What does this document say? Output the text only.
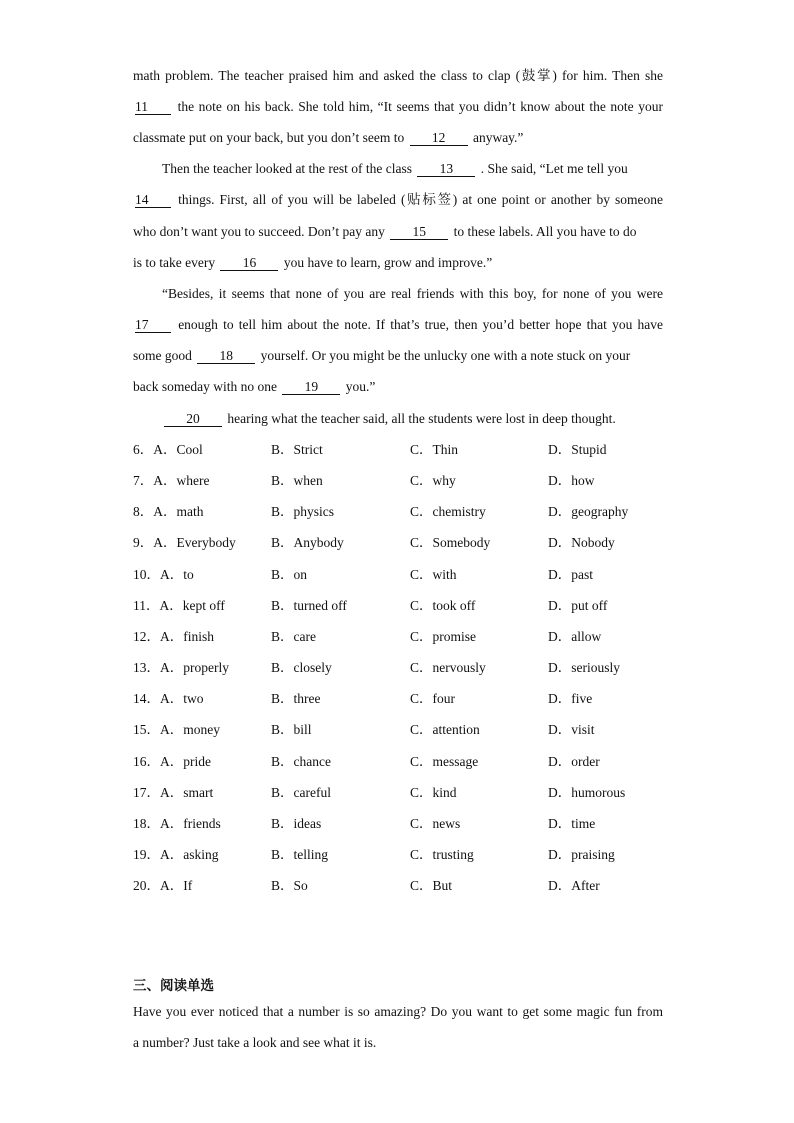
math problem. The teacher praised him and asked the class to clap (鼓掌) for him. Then she
11 the note on his back. She told him, “It seems that you didn’t know about the note your
classmate put on your back, but you don’t seem to 12 anyway.”
Then the teacher looked at the rest of the class 13 . She said, “Let me tell you
14 things. First, all of you will be labeled (贴标签) at one point or another by someone
who don’t want you to succeed. Don’t pay any 15 to these labels. All you have to do
is to take every 16 you have to learn, grow and improve.”
“Besides, it seems that none of you are real friends with this boy, for none of you were
17 enough to tell him about the note. If that’s true, then you’d better hope that you have
some good 18 yourself. Or you might be the unlucky one with a note stuck on your
back someday with no one 19 you.”
20 hearing what the teacher said, all the students were lost in deep thought.
6．A．Cool	B．Strict	C．Thin	D．Stupid
7．A．where	B．when	C．why	D．how
8．A．math	B．physics	C．chemistry	D．geography
9．A．Everybody	B．Anybody	C．Somebody	D．Nobody
10．A．to	B．on	C．with	D．past
11．A．kept off	B．turned off	C．took off	D．put off
12．A．finish	B．care	C．promise	D．allow
13．A．properly	B．closely	C．nervously	D．seriously
14．A．two	B．three	C．four	D．five
15．A．money	B．bill	C．attention	D．visit
16．A．pride	B．chance	C．message	D．order
17．A．smart	B．careful	C．kind	D．humorous
18．A．friends	B．ideas	C．news	D．time
19．A．asking	B．telling	C．trusting	D．praising
20．A．If	B．So	C．But	D．After
三、阅读单选
Have you ever noticed that a number is so amazing? Do you want to get some magic fun from
a number? Just take a look and see what it is.
